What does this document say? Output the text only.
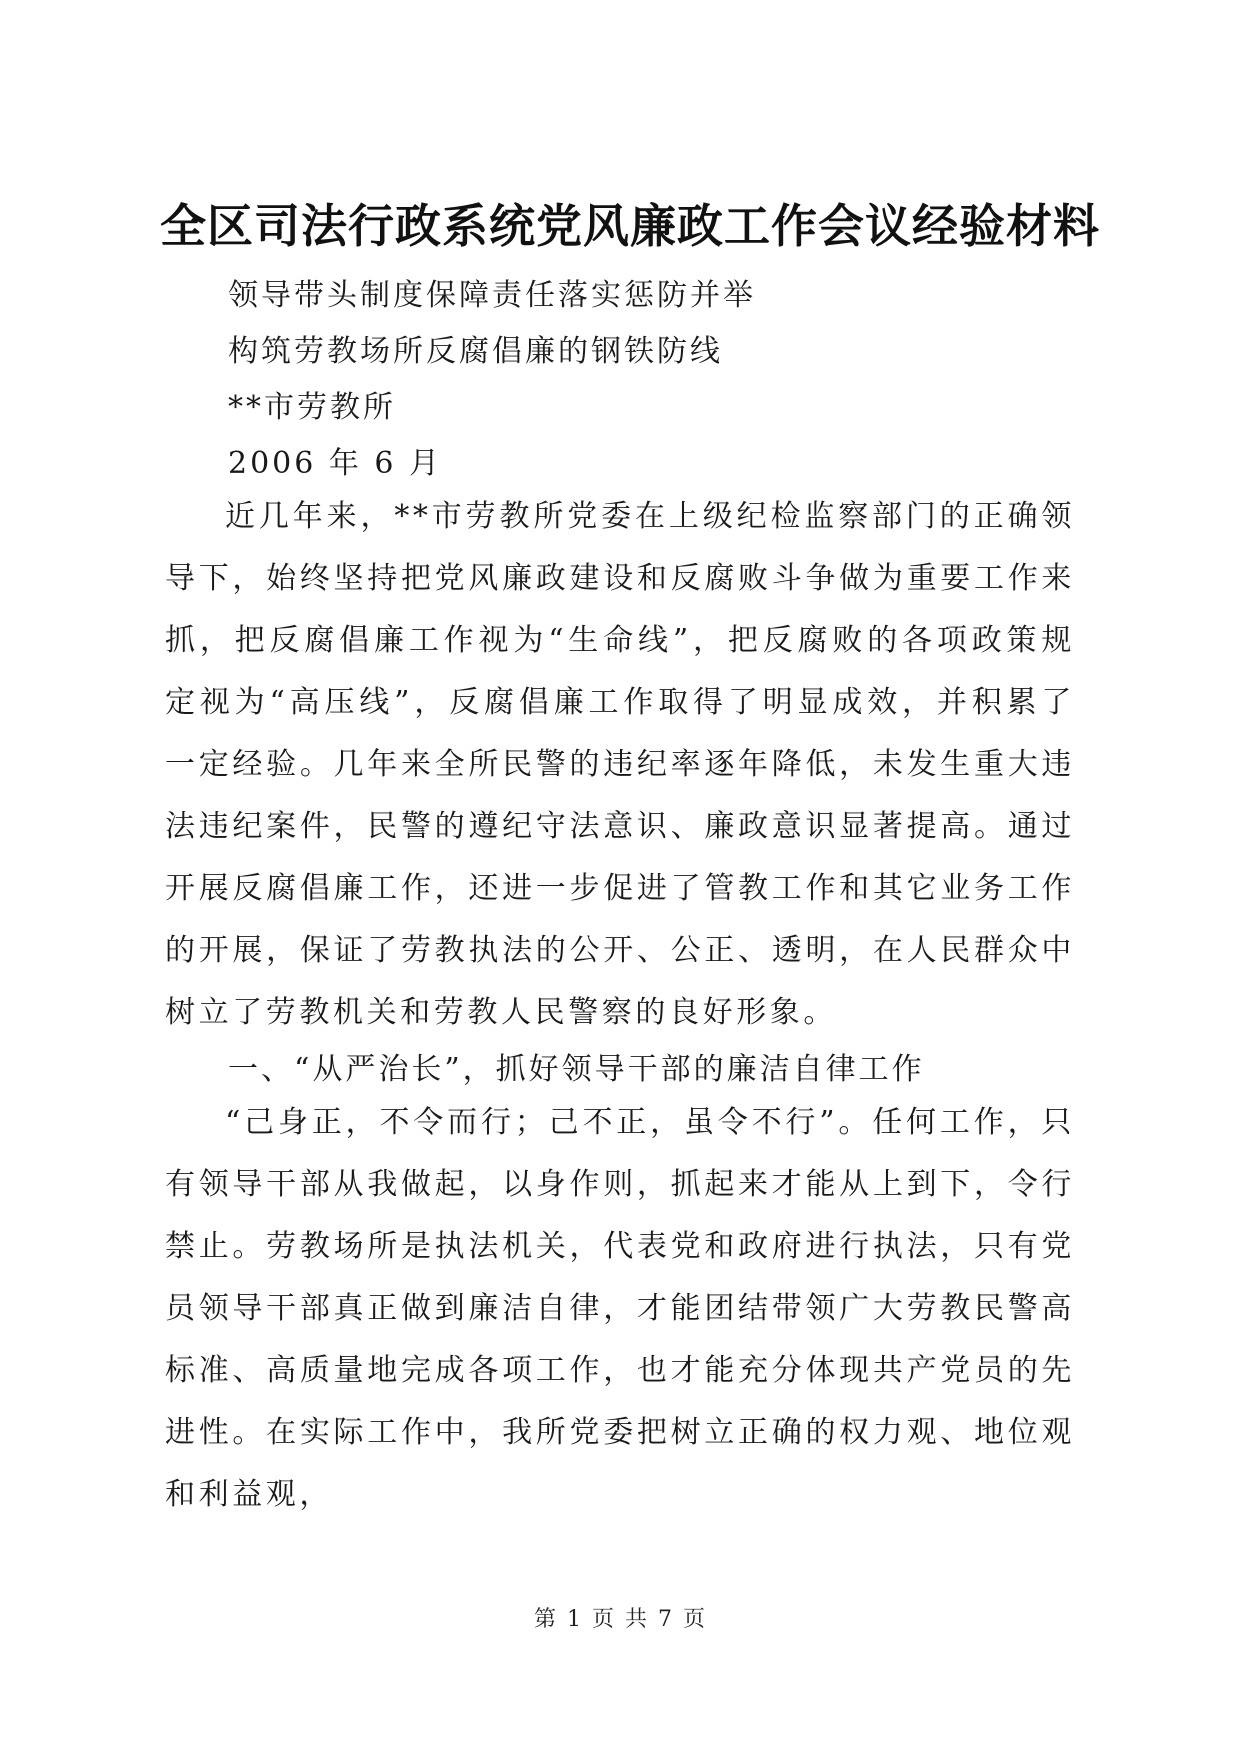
全区司法行政系统党风廉政工作会议经验材料
领导带头制度保障责任落实惩防并举
构筑劳教场所反腐倡廉的钢铁防线
**市劳教所
2006 年 6 月

近几年来，**市劳教所党委在上级纪检监察部门的正确领导下，始终坚持把党风廉政建设和反腐败斗争做为重要工作来抓，把反腐倡廉工作视为“生命线”，把反腐败的各项政策规定视为“高压线”，反腐倡廉工作取得了明显成效，并积累了一定经验。几年来全所民警的违纪率逐年降低，未发生重大违法违纪案件，民警的遵纪守法意识、廉政意识显著提高。通过开展反腐倡廉工作，还进一步促进了管教工作和其它业务工作的开展，保证了劳教执法的公开、公正、透明，在人民群众中树立了劳教机关和劳教人民警察的良好形象。

一、“从严治长”，抓好领导干部的廉洁自律工作

“己身正，不令而行；己不正，虽令不行”。任何工作，只有领导干部从我做起，以身作则，抓起来才能从上到下，令行禁止。劳教场所是执法机关，代表党和政府进行执法，只有党员领导干部真正做到廉洁自律，才能团结带领广大劳教民警高标准、高质量地完成各项工作，也才能充分体现共产党员的先进性。在实际工作中，我所党委把树立正确的权力观、地位观和利益观，

第 1 页 共 7 页
